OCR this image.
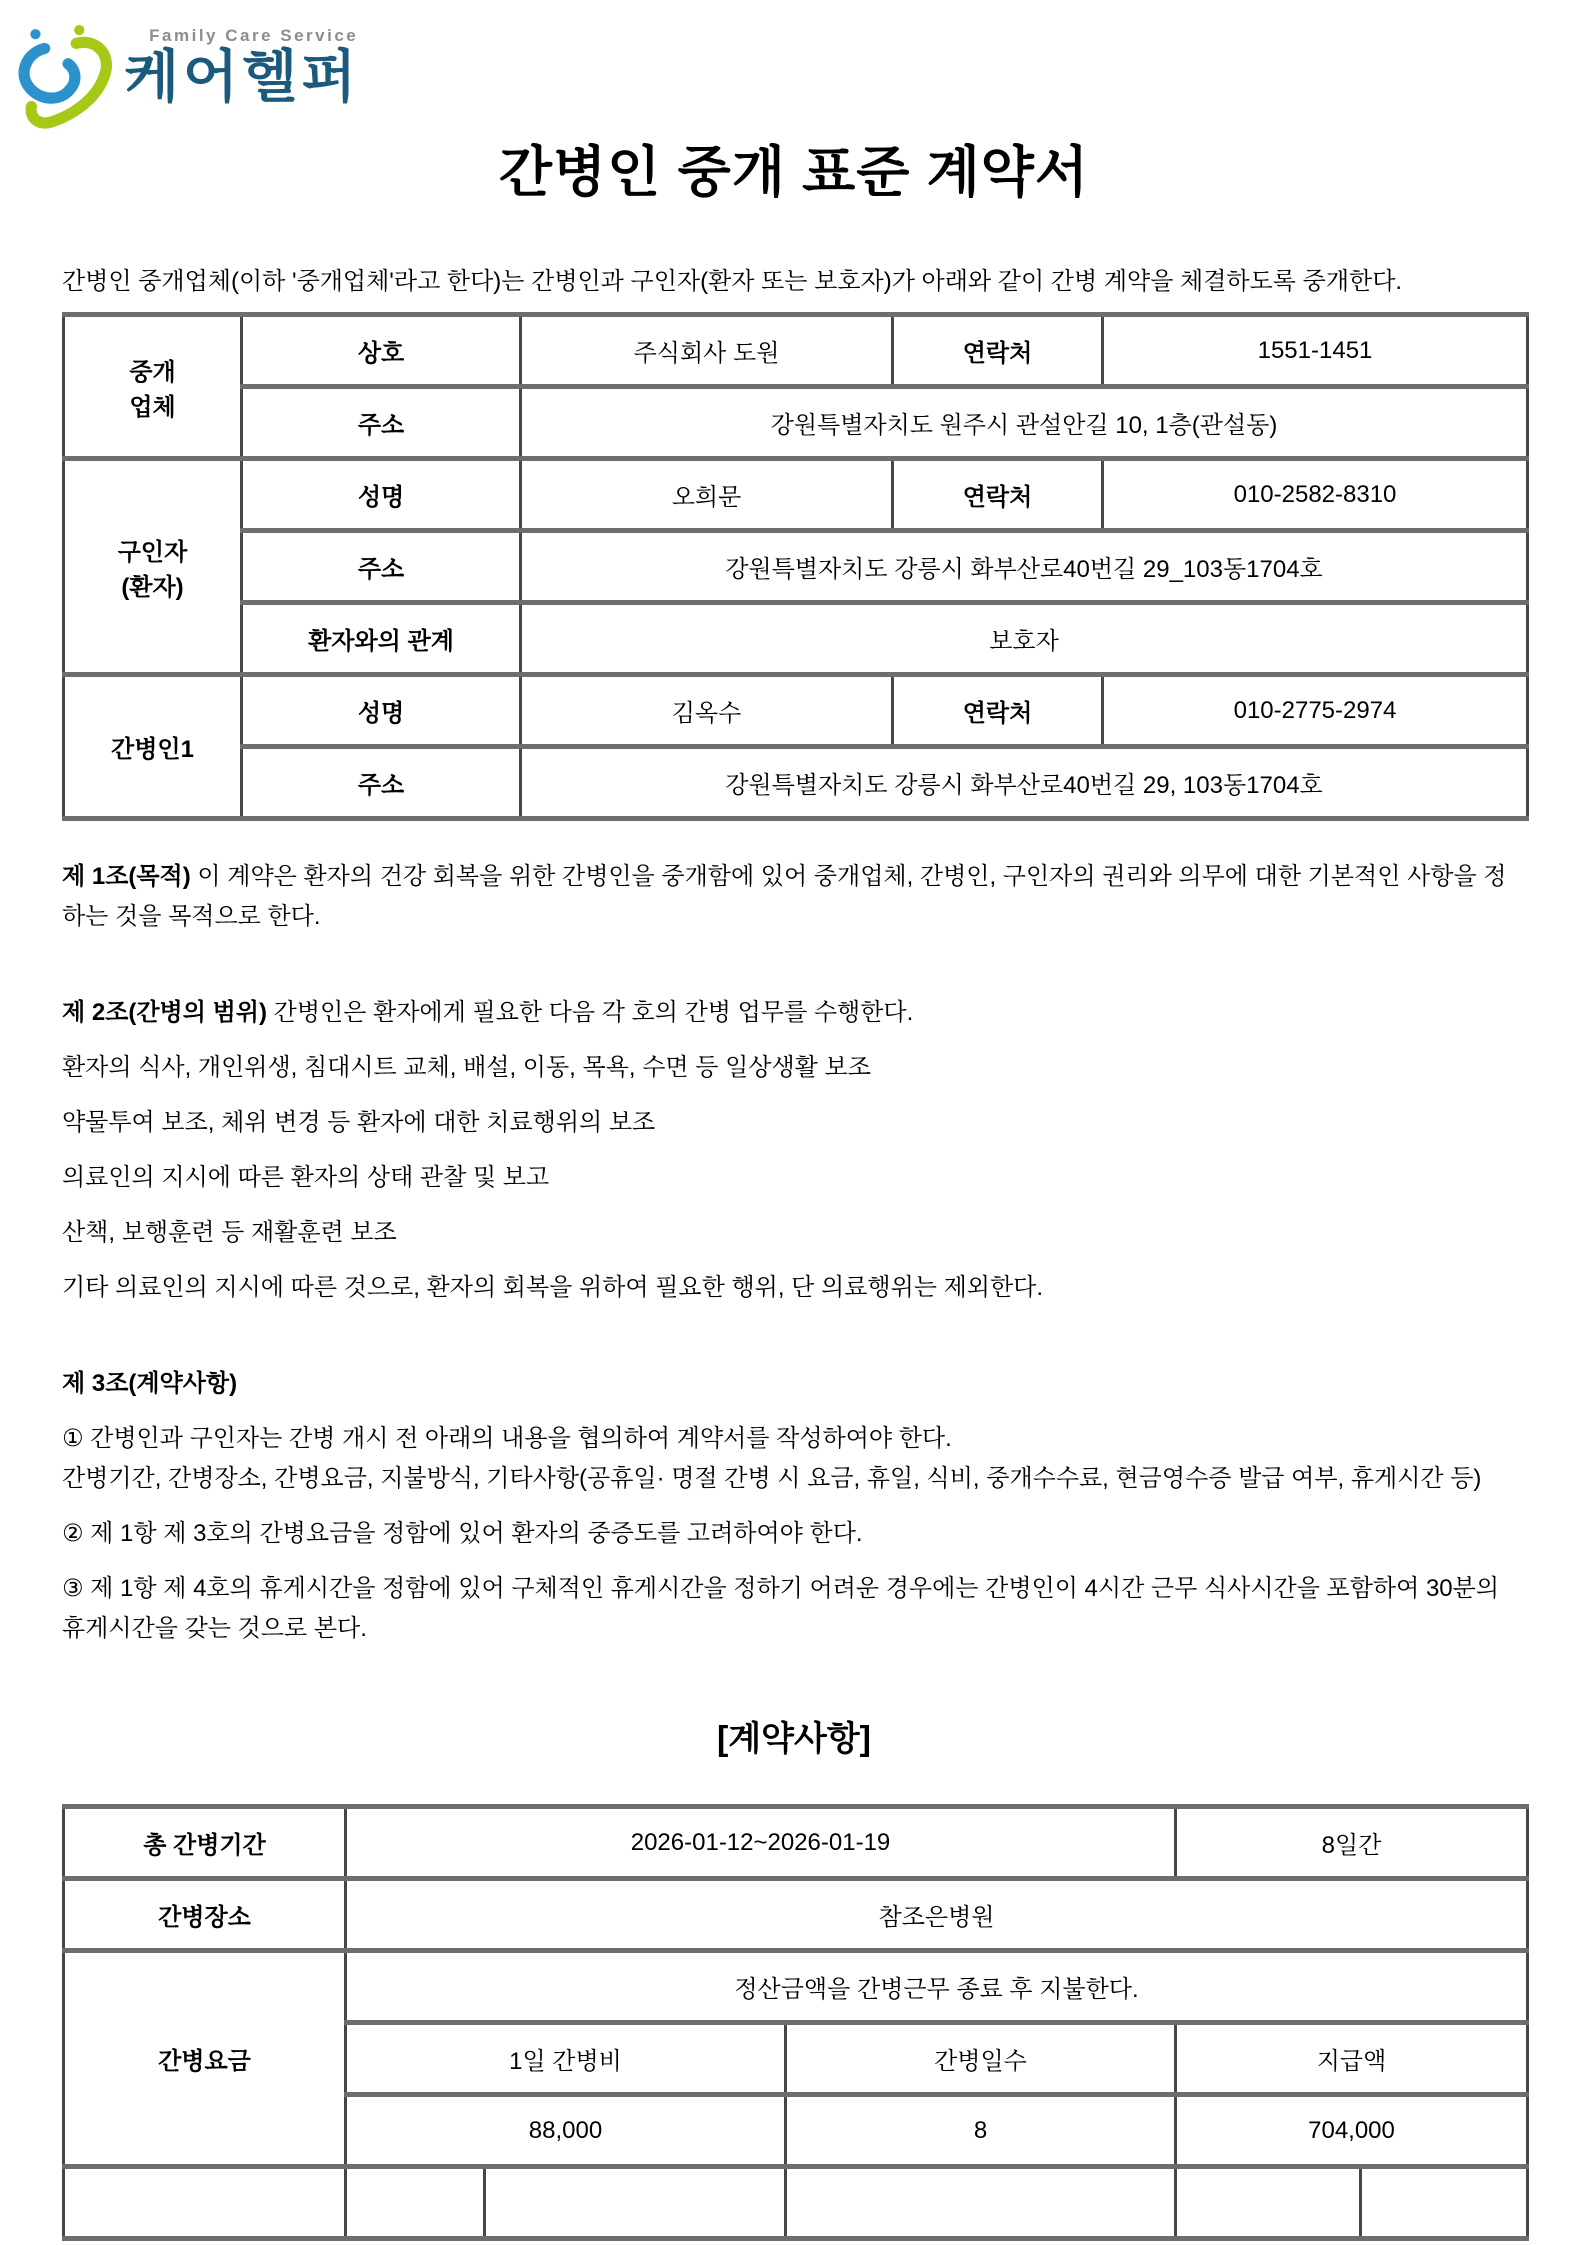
Family Care Service
케어헬퍼
간병인 중개 표준 계약서

간병인 중개업체(이하 '중개업체'라고 한다)는 간병인과 구인자(환자 또는 보호자)가 아래와 같이 간병 계약을 체결하도록 중개한다.

중개
업체	상호	주식회사 도원	연락처	1551-1451
	주소	강원특별자치도 원주시 관설안길 10, 1층(관설동)		

구인자
(환자)	성명	오희문	연락처	010-2582-8310
	주소	강원특별자치도 강릉시 화부산로40번길 29_103동1704호		
	환자와의 관계	보호자		
간병인1	성명	김옥수	연락처	010-2775-2974
	주소	강원특별자치도 강릉시 화부산로40번길 29, 103동1704호		

제 1조(목적) 이 계약은 환자의 건강 회복을 위한 간병인을 중개함에 있어 중개업체, 간병인, 구인자의 권리와 의무에 대한 기본적인 사항을 정하는 것을 목적으로 한다.

제 2조(간병의 범위) 간병인은 환자에게 필요한 다음 각 호의 간병 업무를 수행한다.

환자의 식사, 개인위생, 침대시트 교체, 배설, 이동, 목욕, 수면 등 일상생활 보조

약물투여 보조, 체위 변경 등 환자에 대한 치료행위의 보조

의료인의 지시에 따른 환자의 상태 관찰 및 보고

산책, 보행훈련 등 재활훈련 보조

기타 의료인의 지시에 따른 것으로, 환자의 회복을 위하여 필요한 행위, 단 의료행위는 제외한다.

제 3조(계약사항)

① 간병인과 구인자는 간병 개시 전 아래의 내용을 협의하여 계약서를 작성하여야 한다.
간병기간, 간병장소, 간병요금, 지불방식, 기타사항(공휴일· 명절 간병 시 요금, 휴일, 식비, 중개수수료, 현금영수증 발급 여부, 휴게시간 등)

② 제 1항 제 3호의 간병요금을 정함에 있어 환자의 중증도를 고려하여야 한다.

③ 제 1항 제 4호의 휴게시간을 정함에 있어 구체적인 휴게시간을 정하기 어려운 경우에는 간병인이 4시간 근무 식사시간을 포함하여 30분의 휴게시간을 갖는 것으로 본다.

[계약사항]
총 간병기간	2026-01-12~2026-01-19			8일간	
간병장소	참조은병원				
간병요금	정산금액을 간병근무 종료 후 지불한다.				
	1일 간병비		간병일수	지급액	
	88,000		8	704,000	
